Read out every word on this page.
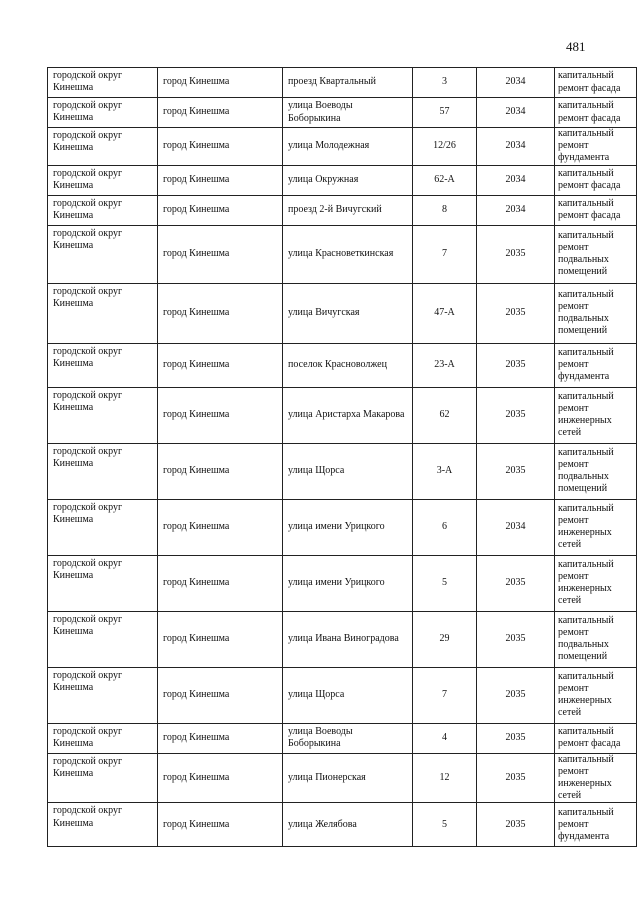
481
городской округ Кинешма	город Кинешма	проезд Квартальный	3	2034	капитальный ремонт фасада
городской округ Кинешма	город Кинешма	улица Воеводы Боборыкина	57	2034	капитальный ремонт фасада
городской округ Кинешма	город Кинешма	улица Молодежная	12/26	2034	капитальный ремонт фундамента
городской округ Кинешма	город Кинешма	улица Окружная	62-А	2034	капитальный ремонт фасада
городской округ Кинешма	город Кинешма	проезд 2-й Вичугский	8	2034	капитальный ремонт фасада
городской округ Кинешма	город Кинешма	улица Красноветкинская	7	2035	капитальный ремонт подвальных помещений
городской округ Кинешма	город Кинешма	улица Вичугская	47-А	2035	капитальный ремонт подвальных помещений
городской округ Кинешма	город Кинешма	поселок Красноволжец	23-А	2035	капитальный ремонт фундамента
городской округ Кинешма	город Кинешма	улица Аристарха Макарова	62	2035	капитальный ремонт инженерных сетей
городской округ Кинешма	город Кинешма	улица Щорса	3-А	2035	капитальный ремонт подвальных помещений
городской округ Кинешма	город Кинешма	улица имени Урицкого	6	2034	капитальный ремонт инженерных сетей
городской округ Кинешма	город Кинешма	улица имени Урицкого	5	2035	капитальный ремонт инженерных сетей
городской округ Кинешма	город Кинешма	улица Ивана Виноградова	29	2035	капитальный ремонт подвальных помещений
городской округ Кинешма	город Кинешма	улица Щорса	7	2035	капитальный ремонт инженерных сетей
городской округ Кинешма	город Кинешма	улица Воеводы Боборыкина	4	2035	капитальный ремонт фасада
городской округ Кинешма	город Кинешма	улица Пионерская	12	2035	капитальный ремонт инженерных сетей
городской округ Кинешма	город Кинешма	улица Желябова	5	2035	капитальный ремонт фундамента
